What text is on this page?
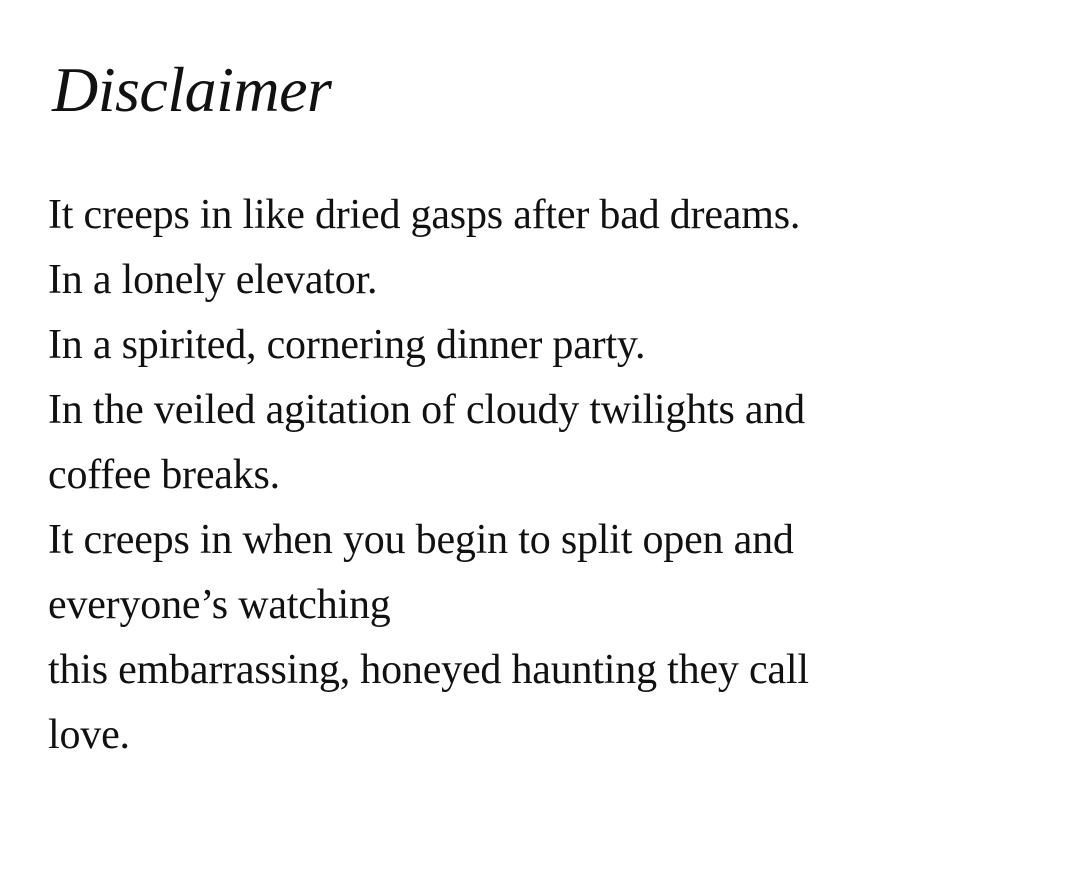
Disclaimer

It creeps in like dried gasps after bad dreams.

In a lonely elevator.

In a spirited, cornering dinner party.

In the veiled agitation of cloudy twilights and

coffee breaks.

It creeps in when you begin to split open and

everyone’s watching

this embarrassing, honeyed haunting they call

love.
